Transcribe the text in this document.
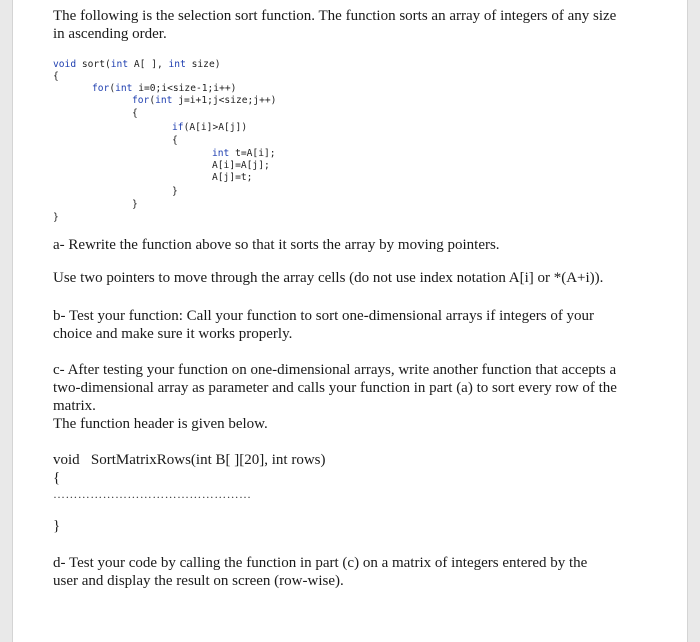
The following is the selection sort function. The function sorts an array of integers of any size

in ascending order.

void sort(int A[ ], int size)

{

for(int i=0;i<size-1;i++)

for(int j=i+1;j<size;j++)

{

if(A[i]>A[j])

{

int t=A[i];

A[i]=A[j];

A[j]=t;

}

}

}

a- Rewrite the function above so that it sorts the array by moving pointers.

Use two pointers to move through the array cells (do not use index notation A[i] or *(A+i)).

b- Test your function: Call your function to sort one-dimensional arrays if integers of your

choice and make sure it works properly.

c- After testing your function on one-dimensional arrays, write another function that accepts a

two-dimensional array as parameter and calls your function in part (a) to sort every row of the

matrix.

The function header is given below.

void   SortMatrixRows(int B[ ][20], int rows)

{

…………………………………………

}

d- Test your code by calling the function in part (c) on a matrix of integers entered by the

user and display the result on screen (row-wise).
